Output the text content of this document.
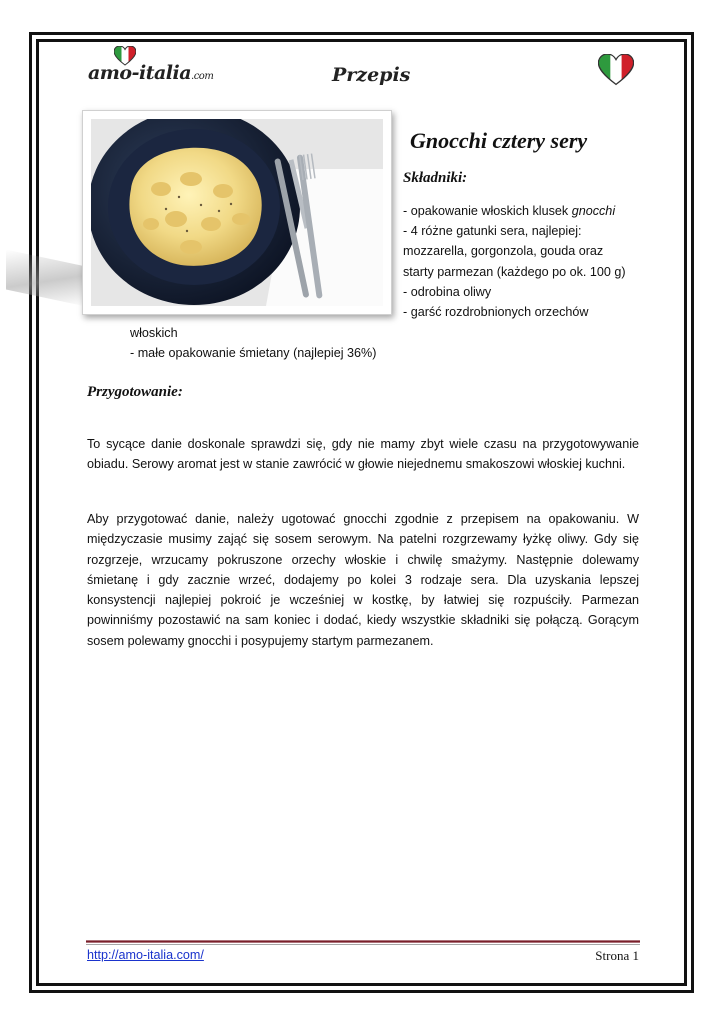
amo-italia.com	Przepis
Gnocchi cztery sery
Składniki:
- opakowanie włoskich klusek gnocchi
- 4 różne gatunki sera, najlepiej:
mozzarella, gorgonzola, gouda oraz
starty parmezan (każdego po ok. 100 g)
- odrobina oliwy
- garść rozdrobnionych orzechów
włoskich
- małe opakowanie śmietany (najlepiej 36%)
Przygotowanie:
To sycące danie doskonale sprawdzi się, gdy nie mamy zbyt wiele czasu na przygotowywanie obiadu. Serowy aromat jest w stanie zawrócić w głowie niejednemu smakoszowi włoskiej kuchni.
Aby przygotować danie, należy ugotować gnocchi zgodnie z przepisem na opakowaniu. W międzyczasie musimy zająć się sosem serowym. Na patelni rozgrzewamy łyżkę oliwy. Gdy się rozgrzeje, wrzucamy pokruszone orzechy włoskie i chwilę smażymy. Następnie dolewamy śmietanę i gdy zacznie wrzeć, dodajemy po kolei 3 rodzaje sera. Dla uzyskania lepszej konsystencji najlepiej pokroić je wcześniej w kostkę, by łatwiej się rozpuściły. Parmezan powinniśmy pozostawić na sam koniec i dodać, kiedy wszystkie składniki się połączą. Gorącym sosem polewamy gnocchi i posypujemy startym parmezanem.
http://amo-italia.com/	Strona 1
